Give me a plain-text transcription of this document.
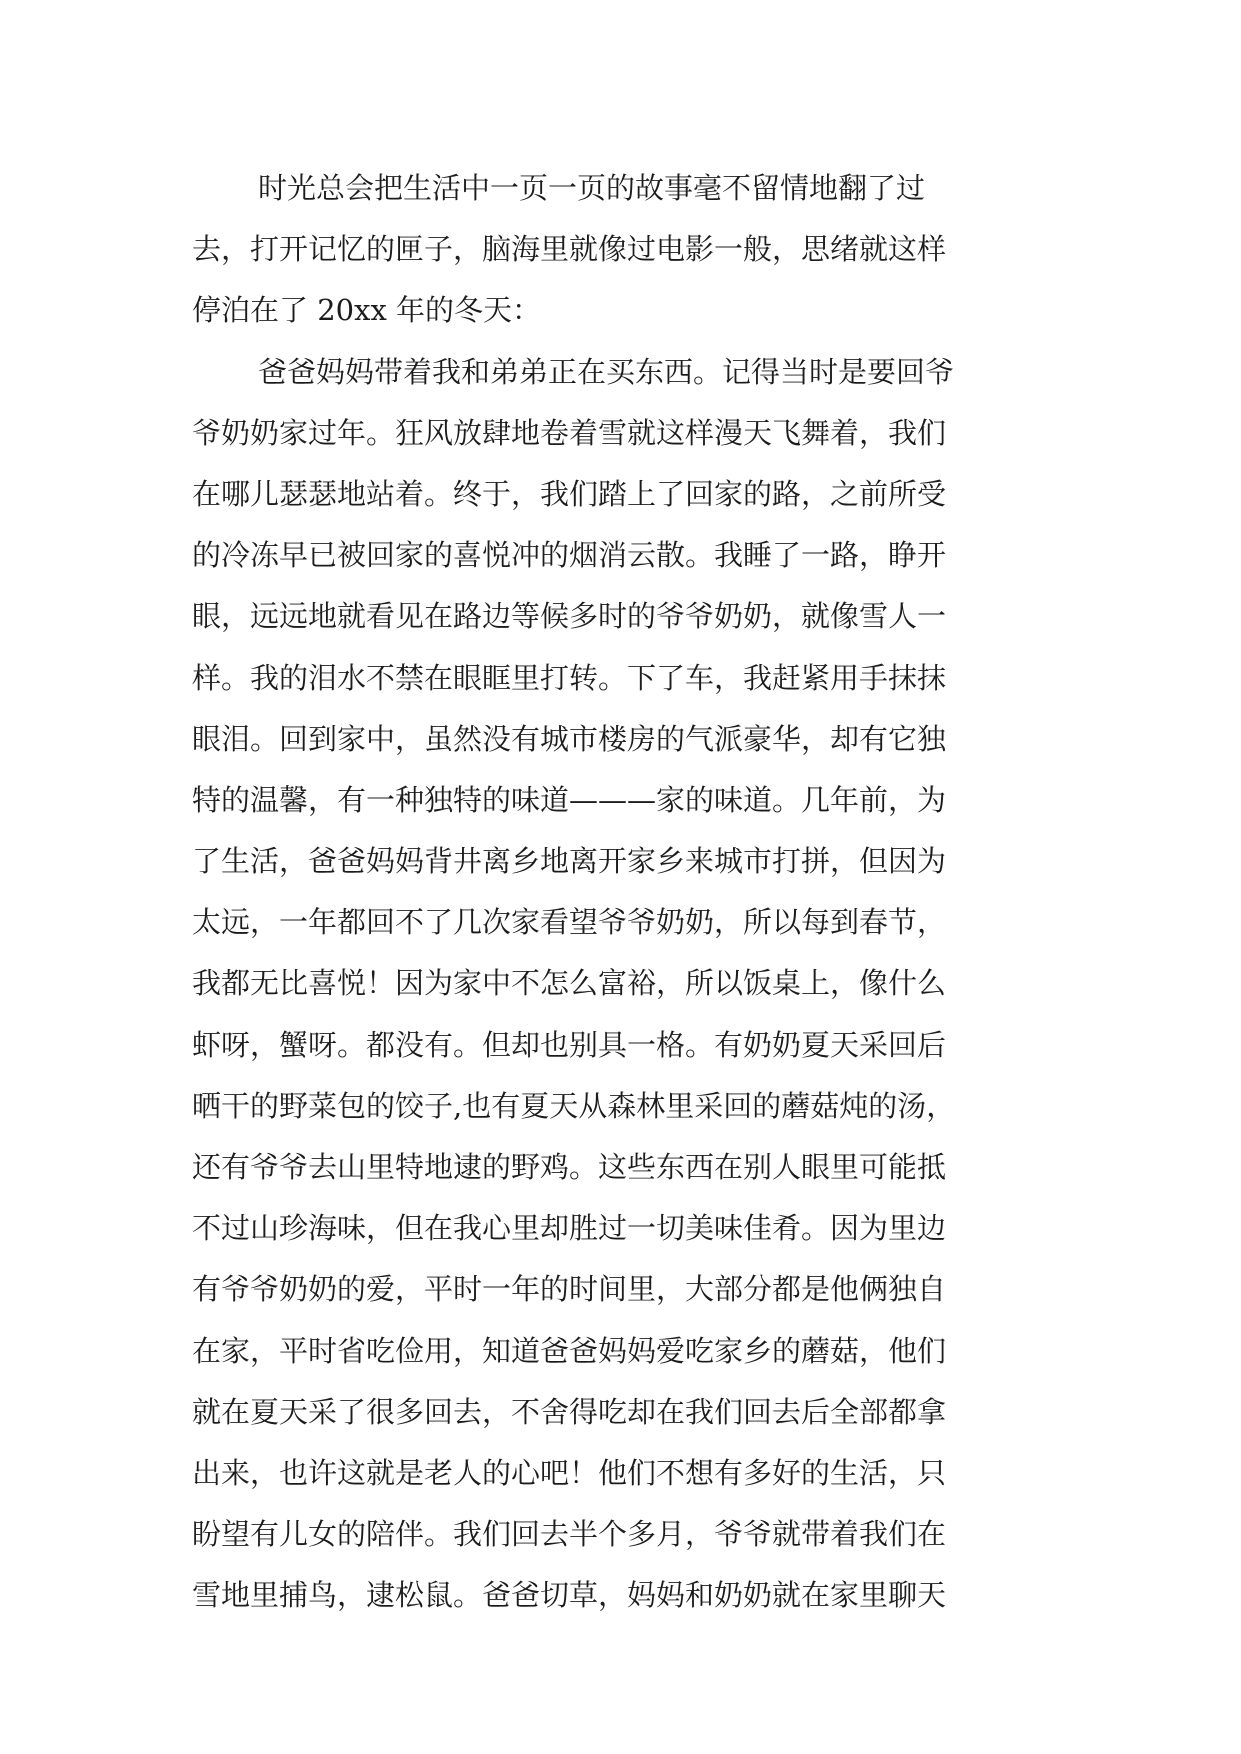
时光总会把生活中一页一页的故事毫不留情地翻了过
去，打开记忆的匣子，脑海里就像过电影一般，思绪就这样
停泊在了 20xx 年的冬天：
爸爸妈妈带着我和弟弟正在买东西。记得当时是要回爷
爷奶奶家过年。狂风放肆地卷着雪就这样漫天飞舞着，我们
在哪儿瑟瑟地站着。终于，我们踏上了回家的路，之前所受
的冷冻早已被回家的喜悦冲的烟消云散。我睡了一路，睁开
眼，远远地就看见在路边等候多时的爷爷奶奶，就像雪人一
样。我的泪水不禁在眼眶里打转。下了车，我赶紧用手抹抹
眼泪。回到家中，虽然没有城市楼房的气派豪华，却有它独
特的温馨，有一种独特的味道———家的味道。几年前，为
了生活，爸爸妈妈背井离乡地离开家乡来城市打拼，但因为
太远，一年都回不了几次家看望爷爷奶奶，所以每到春节，
我都无比喜悦！因为家中不怎么富裕，所以饭桌上，像什么
虾呀，蟹呀。都没有。但却也别具一格。有奶奶夏天采回后
晒干的野菜包的饺子,也有夏天从森林里采回的蘑菇炖的汤，
还有爷爷去山里特地逮的野鸡。这些东西在别人眼里可能抵
不过山珍海味，但在我心里却胜过一切美味佳肴。因为里边
有爷爷奶奶的爱，平时一年的时间里，大部分都是他俩独自
在家，平时省吃俭用，知道爸爸妈妈爱吃家乡的蘑菇，他们
就在夏天采了很多回去，不舍得吃却在我们回去后全部都拿
出来，也许这就是老人的心吧！他们不想有多好的生活，只
盼望有儿女的陪伴。我们回去半个多月，爷爷就带着我们在
雪地里捕鸟，逮松鼠。爸爸切草，妈妈和奶奶就在家里聊天
